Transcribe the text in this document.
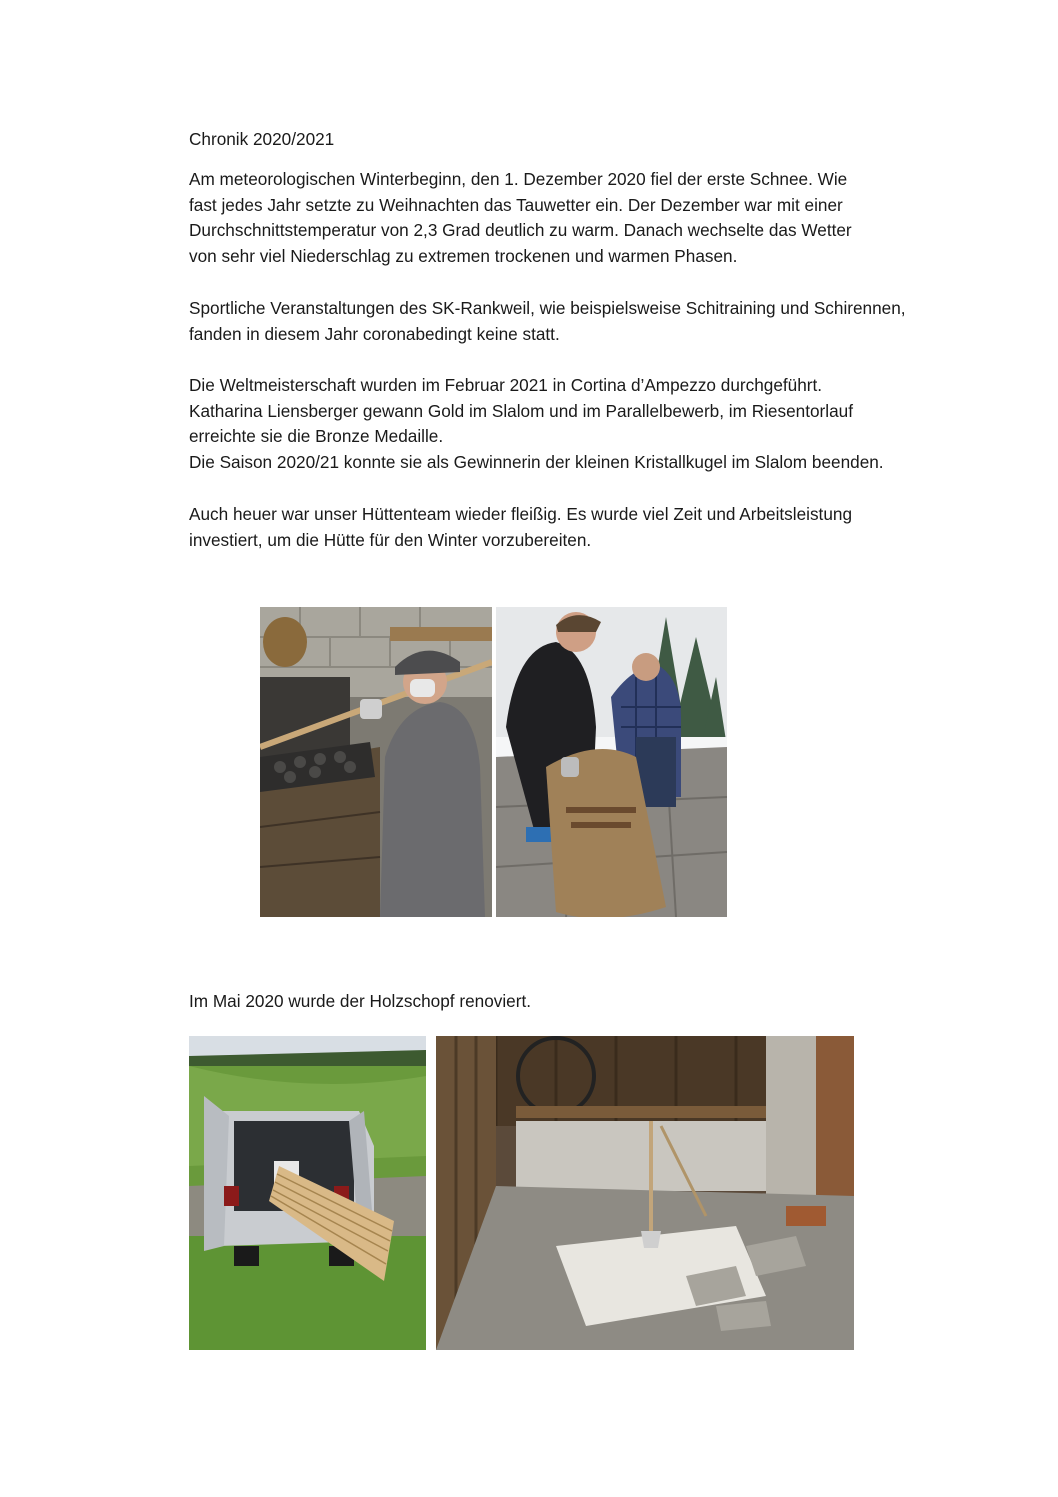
Chronik 2020/2021

Am meteorologischen Winterbeginn, den 1. Dezember 2020 fiel der erste Schnee. Wie

fast jedes Jahr setzte zu Weihnachten das Tauwetter ein. Der Dezember war mit einer

Durchschnittstemperatur von 2,3 Grad deutlich zu warm. Danach wechselte das Wetter

von sehr viel Niederschlag zu extremen trockenen und warmen Phasen.

Sportliche Veranstaltungen des SK-Rankweil, wie beispielsweise Schitraining und Schirennen,

fanden in diesem Jahr coronabedingt keine statt.

Die Weltmeisterschaft wurden im Februar 2021 in Cortina d’Ampezzo durchgeführt.

Katharina Liensberger gewann Gold im Slalom und im Parallelbewerb, im Riesentorlauf

erreichte sie die Bronze Medaille.

Die Saison 2020/21 konnte sie als Gewinnerin der kleinen Kristallkugel im Slalom beenden.

Auch heuer war unser Hüttenteam wieder fleißig. Es wurde viel Zeit und Arbeitsleistung

investiert, um die Hütte für den Winter vorzubereiten.

Im Mai 2020 wurde der Holzschopf renoviert.
